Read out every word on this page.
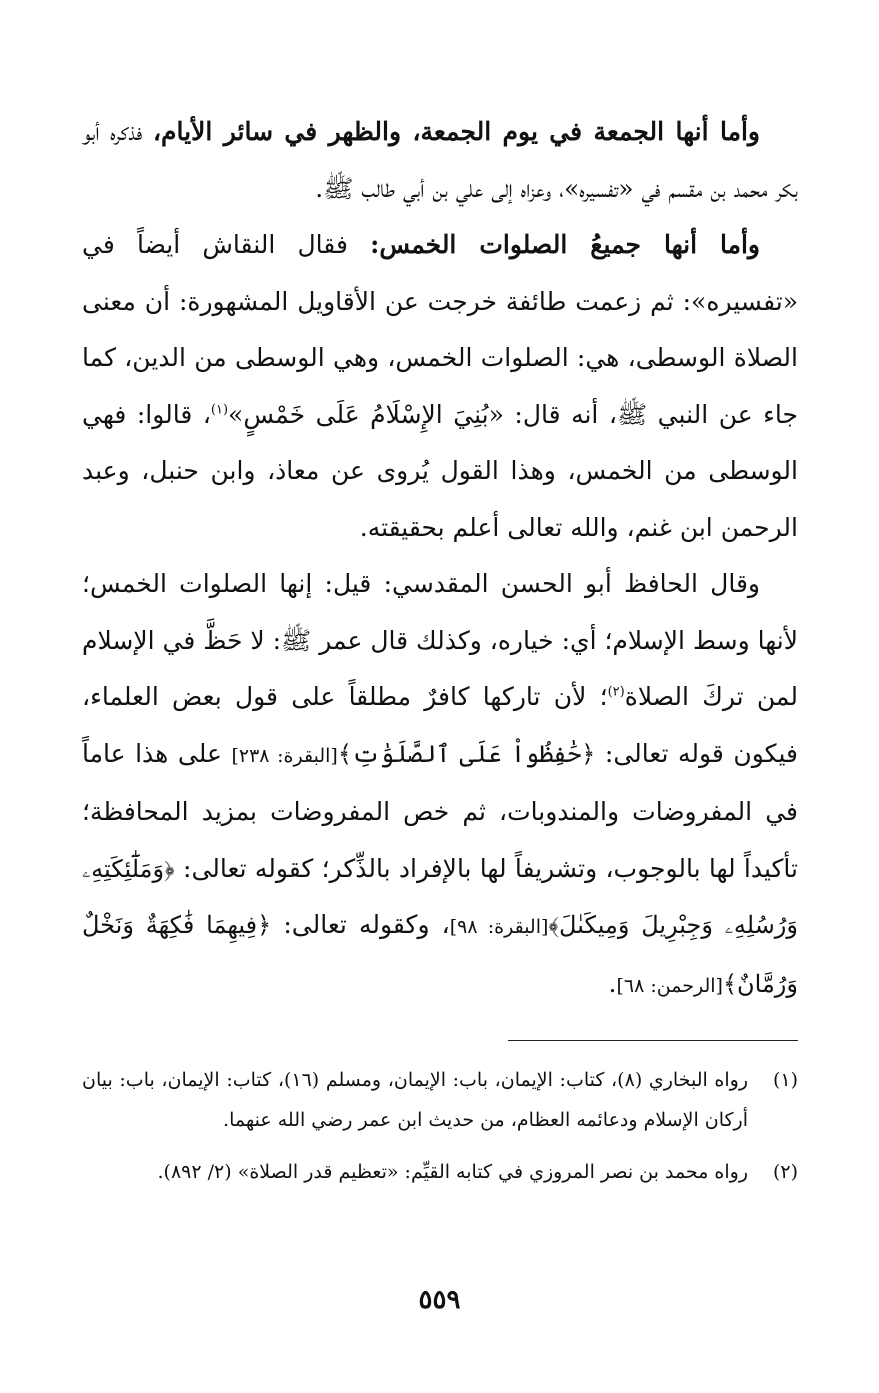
وأما أنها الجمعة في يوم الجمعة، والظهر في سائر الأيام، فذكره أبو بكر محمد بن مقسم في «تفسيره»، وعزاه إلى علي بن أبي طالب ﷺ.

وأما أنها جميعُ الصلوات الخمس: فقال النقاش أيضاً في «تفسيره»: ثم زعمت طائفة خرجت عن الأقاويل المشهورة: أن معنى الصلاة الوسطى، هي: الصلوات الخمس، وهي الوسطى من الدين، كما جاء عن النبي ﷺ، أنه قال: «بُنِيَ الإِسْلَامُ عَلَى خَمْسٍ»$^{(١)}$، قالوا: فهي الوسطى من الخمس، وهذا القول يُروى عن معاذ، وابن حنبل، وعبد الرحمن ابن غنم، والله تعالى أعلم بحقيقته.

وقال الحافظ أبو الحسن المقدسي: قيل: إنها الصلوات الخمس؛ لأنها وسط الإسلام؛ أي: خياره، وكذلك قال عمر ﷺ: لا حَظَّ في الإسلام لمن تركَ الصلاة$^{(٢)}$؛ لأن تاركها كافرٌ مطلقاً على قول بعض العلماء، فيكون قوله تعالى: ﴿حَٰفِظُواْ عَلَى ٱلصَّلَوَٰتِ﴾[البقرة: ٢٣٨] على هذا عاماً في المفروضات والمندوبات، ثم خص المفروضات بمزيد المحافظة؛ تأكيداً لها بالوجوب، وتشريفاً لها بالإفراد بالذِّكر؛ كقوله تعالى: ﴿وَمَلَٰٓئِكَتِهِۦ وَرُسُلِهِۦ وَجِبْرِيلَ وَمِيكَىٰلَ﴾[البقرة: ٩٨]، وكقوله تعالى: ﴿فِيهِمَا فَٰكِهَةٌ وَنَخْلٌ وَرُمَّانٌ﴾[الرحمن: ٦٨].

(١)
رواه البخاري (٨)، كتاب: الإيمان، باب: الإيمان، ومسلم (١٦)، كتاب: الإيمان، باب: بيان أركان الإسلام ودعائمه العظام، من حديث ابن عمر رضي الله عنهما.
(٢)
رواه محمد بن نصر المروزي في كتابه القيِّم: «تعظيم قدر الصلاة» (٢/ ٨٩٢).
٥٥٩
